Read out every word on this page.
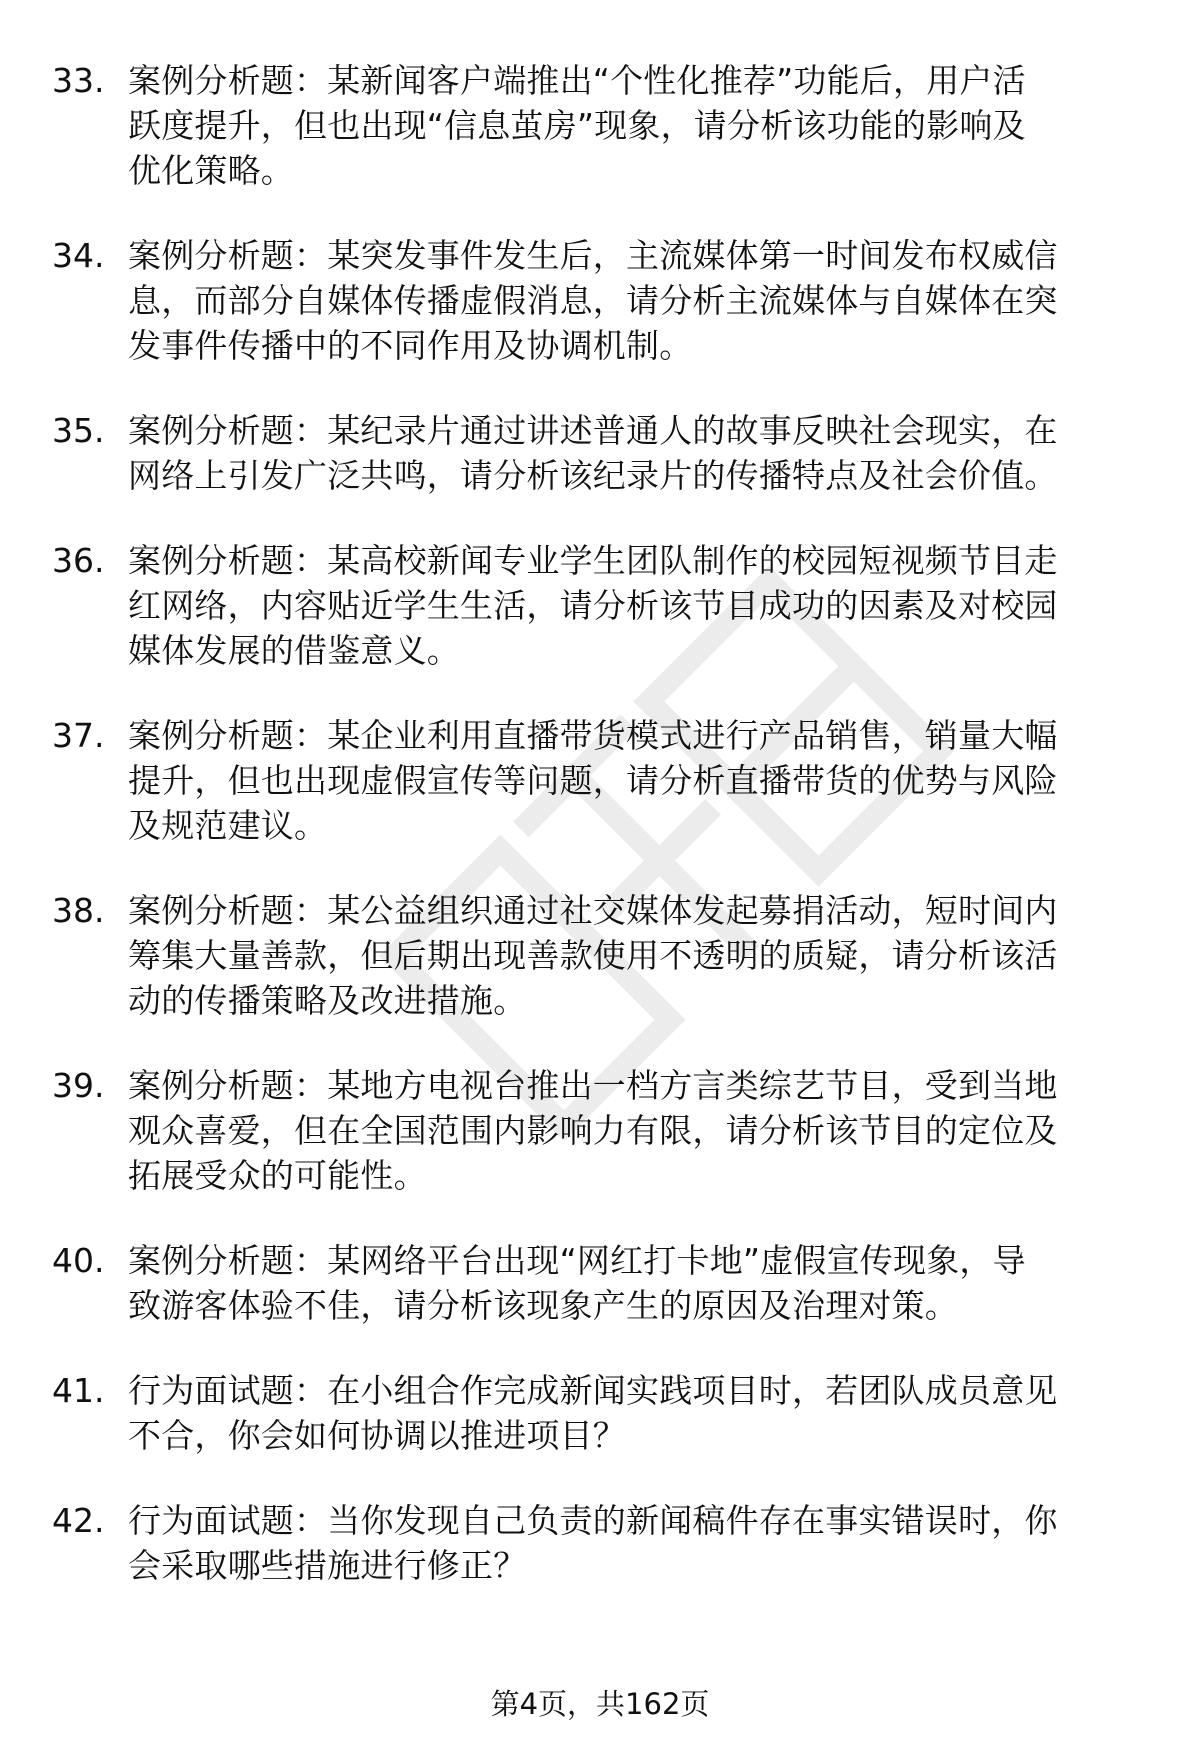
33. 案例分析题：某新闻客户端推出“个性化推荐”功能后，用户活
跃度提升，但也出现“信息茧房”现象，请分析该功能的影响及
优化策略。
34. 案例分析题：某突发事件发生后，主流媒体第一时间发布权威信
息，而部分自媒体传播虚假消息，请分析主流媒体与自媒体在突
发事件传播中的不同作用及协调机制。
35. 案例分析题：某纪录片通过讲述普通人的故事反映社会现实，在
网络上引发广泛共鸣，请分析该纪录片的传播特点及社会价值。
36. 案例分析题：某高校新闻专业学生团队制作的校园短视频节目走
红网络，内容贴近学生生活，请分析该节目成功的因素及对校园
媒体发展的借鉴意义。
37. 案例分析题：某企业利用直播带货模式进行产品销售，销量大幅
提升，但也出现虚假宣传等问题，请分析直播带货的优势与风险
及规范建议。
38. 案例分析题：某公益组织通过社交媒体发起募捐活动，短时间内
筹集大量善款，但后期出现善款使用不透明的质疑，请分析该活
动的传播策略及改进措施。
39. 案例分析题：某地方电视台推出一档方言类综艺节目，受到当地
观众喜爱，但在全国范围内影响力有限，请分析该节目的定位及
拓展受众的可能性。
40. 案例分析题：某网络平台出现“网红打卡地”虚假宣传现象，导
致游客体验不佳，请分析该现象产生的原因及治理对策。
41. 行为面试题：在小组合作完成新闻实践项目时，若团队成员意见
不合，你会如何协调以推进项目？
42. 行为面试题：当你发现自己负责的新闻稿件存在事实错误时，你
会采取哪些措施进行修正？
第4页，共162页
